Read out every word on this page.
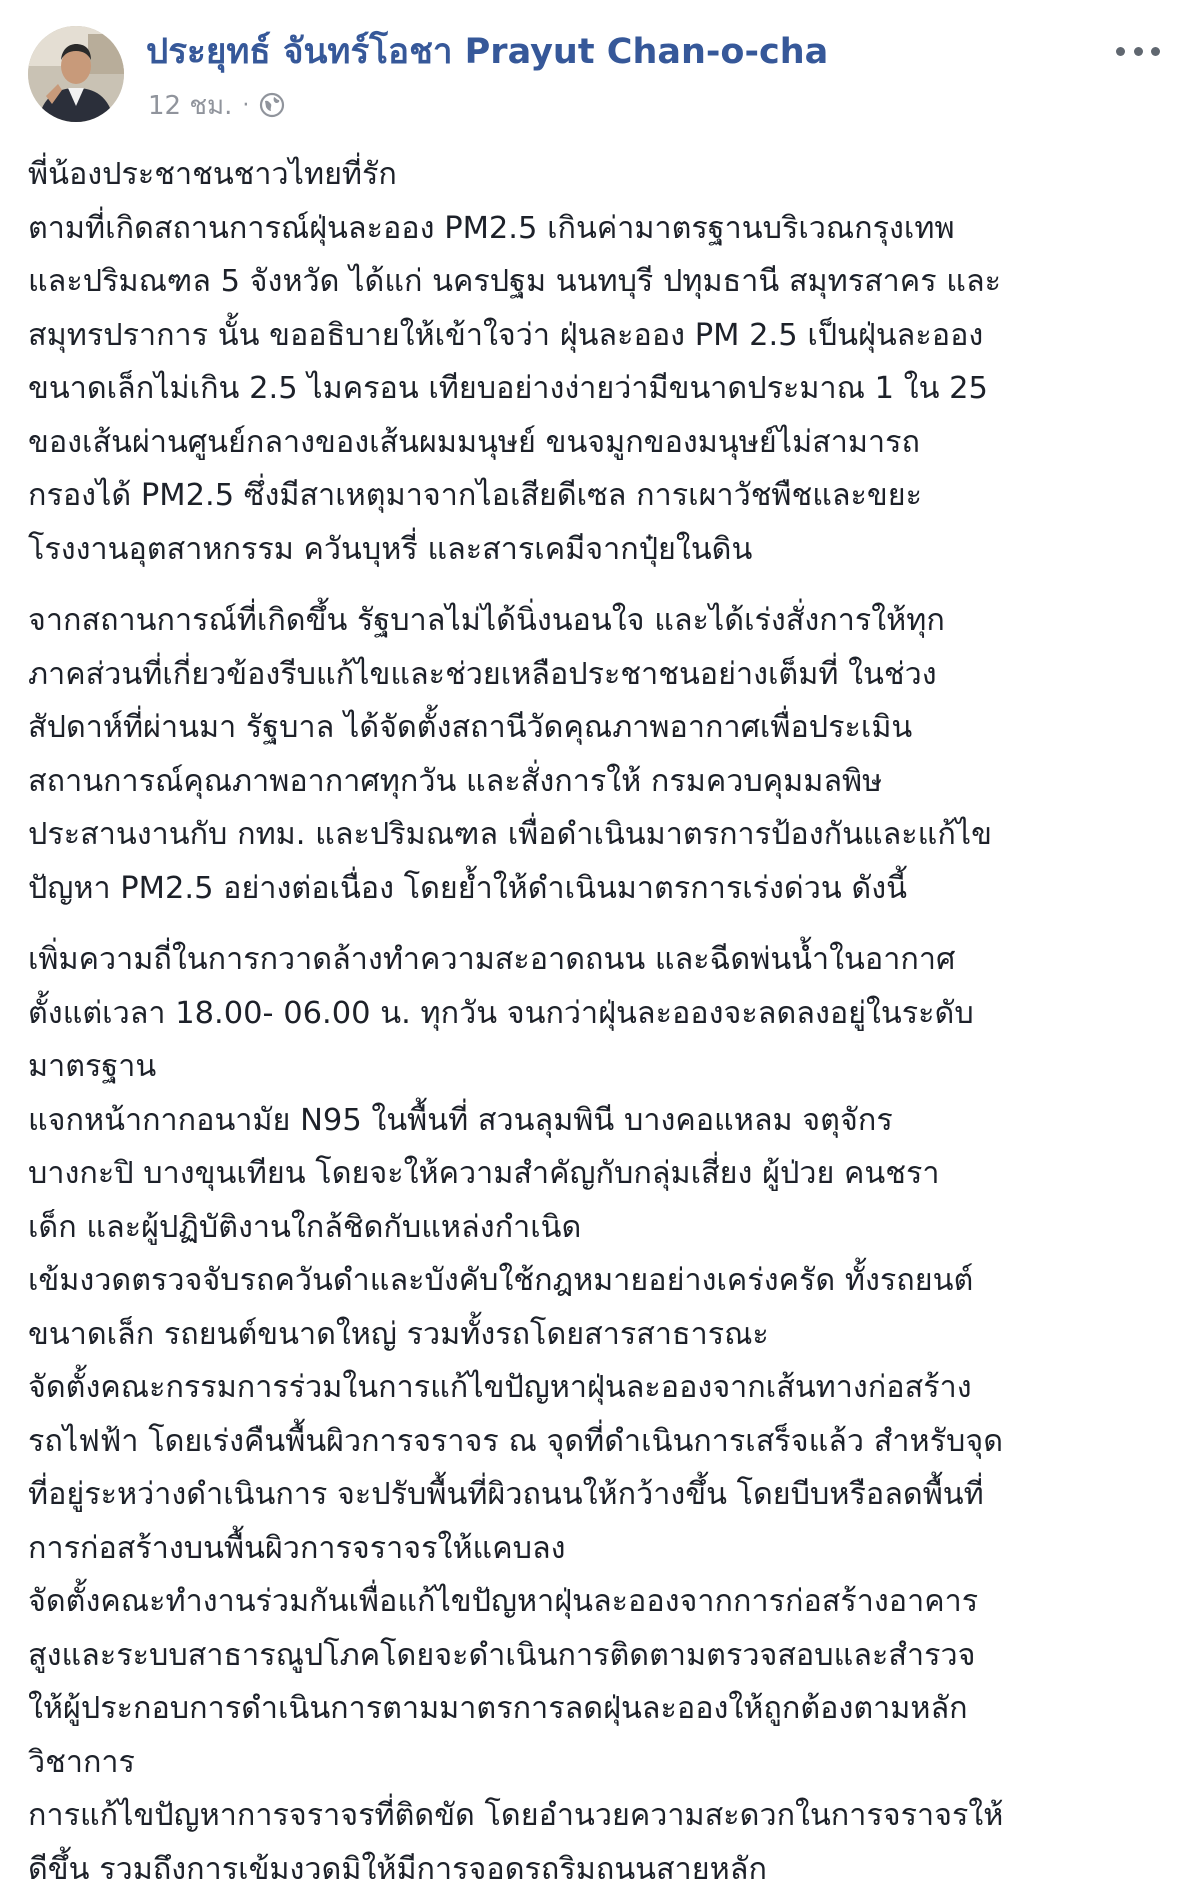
ประยุทธ์ จันทร์โอชา Prayut Chan-o-cha
12 ชม. ·
พี่น้องประชาชนชาวไทยที่รัก
ตามที่เกิดสถานการณ์ฝุ่นละออง PM2.5 เกินค่ามาตรฐานบริเวณกรุงเทพ
และปริมณฑล 5 จังหวัด ได้แก่ นครปฐม นนทบุรี ปทุมธานี สมุทรสาคร และ
สมุทรปราการ นั้น ขออธิบายให้เข้าใจว่า ฝุ่นละออง PM 2.5 เป็นฝุ่นละออง
ขนาดเล็กไม่เกิน 2.5 ไมครอน เทียบอย่างง่ายว่ามีขนาดประมาณ 1 ใน 25
ของเส้นผ่านศูนย์กลางของเส้นผมมนุษย์ ขนจมูกของมนุษย์ไม่สามารถ
กรองได้ PM2.5 ซึ่งมีสาเหตุมาจากไอเสียดีเซล การเผาวัชพืชและขยะ
โรงงานอุตสาหกรรม ควันบุหรี่ และสารเคมีจากปุ๋ยในดิน
จากสถานการณ์ที่เกิดขึ้น รัฐบาลไม่ได้นิ่งนอนใจ และได้เร่งสั่งการให้ทุก
ภาคส่วนที่เกี่ยวข้องรีบแก้ไขและช่วยเหลือประชาชนอย่างเต็มที่ ในช่วง
สัปดาห์ที่ผ่านมา รัฐบาล ได้จัดตั้งสถานีวัดคุณภาพอากาศเพื่อประเมิน
สถานการณ์คุณภาพอากาศทุกวัน และสั่งการให้ กรมควบคุมมลพิษ
ประสานงานกับ กทม. และปริมณฑล เพื่อดำเนินมาตรการป้องกันและแก้ไข
ปัญหา PM2.5 อย่างต่อเนื่อง โดยย้ำให้ดำเนินมาตรการเร่งด่วน ดังนี้
เพิ่มความถี่ในการกวาดล้างทำความสะอาดถนน และฉีดพ่นน้ำในอากาศ
ตั้งแต่เวลา 18.00- 06.00 น. ทุกวัน จนกว่าฝุ่นละอองจะลดลงอยู่ในระดับ
มาตรฐาน
แจกหน้ากากอนามัย N95 ในพื้นที่ สวนลุมพินี บางคอแหลม จตุจักร
บางกะปิ บางขุนเทียน โดยจะให้ความสำคัญกับกลุ่มเสี่ยง ผู้ป่วย คนชรา
เด็ก และผู้ปฏิบัติงานใกล้ชิดกับแหล่งกำเนิด
เข้มงวดตรวจจับรถควันดำและบังคับใช้กฎหมายอย่างเคร่งครัด ทั้งรถยนต์
ขนาดเล็ก รถยนต์ขนาดใหญ่ รวมทั้งรถโดยสารสาธารณะ
จัดตั้งคณะกรรมการร่วมในการแก้ไขปัญหาฝุ่นละอองจากเส้นทางก่อสร้าง
รถไฟฟ้า โดยเร่งคืนพื้นผิวการจราจร ณ จุดที่ดำเนินการเสร็จแล้ว สำหรับจุด
ที่อยู่ระหว่างดำเนินการ จะปรับพื้นที่ผิวถนนให้กว้างขึ้น โดยบีบหรือลดพื้นที่
การก่อสร้างบนพื้นผิวการจราจรให้แคบลง
จัดตั้งคณะทำงานร่วมกันเพื่อแก้ไขปัญหาฝุ่นละอองจากการก่อสร้างอาคาร
สูงและระบบสาธารณูปโภคโดยจะดำเนินการติดตามตรวจสอบและสำรวจ
ให้ผู้ประกอบการดำเนินการตามมาตรการลดฝุ่นละอองให้ถูกต้องตามหลัก
วิชาการ
การแก้ไขปัญหาการจราจรที่ติดขัด โดยอำนวยความสะดวกในการจราจรให้
ดีขึ้น รวมถึงการเข้มงวดมิให้มีการจอดรถริมถนนสายหลัก
